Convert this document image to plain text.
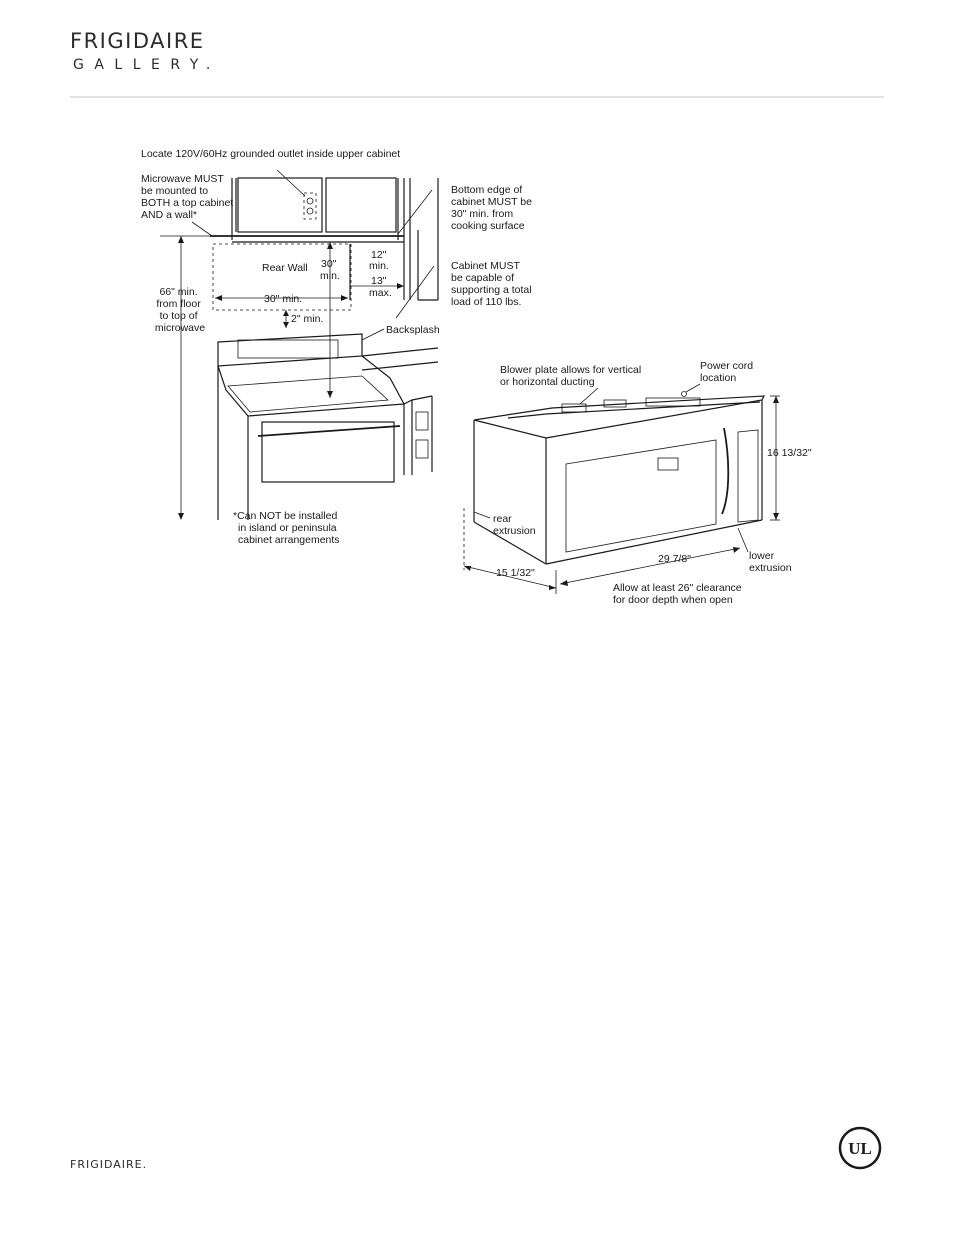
FRIGIDAIRE
GALLERY.
Locate 120V/60Hz grounded outlet inside upper cabinet
Microwave MUST be mounted to BOTH a top cabinet AND a wall*
Bottom edge of cabinet MUST be 30" min. from cooking surface
Cabinet MUST be capable of supporting a total load of 110 lbs.
Rear Wall 30" min.
12" min.
13" max.
66" min. from floor to top of microwave
30" min.
2" min.
Backsplash
*Can NOT be installed in island or peninsula cabinet arrangements
Blower plate allows for vertical or horizontal ducting
Power cord location
16 13/32"
rear extrusion
29 7/8"	lower extrusion
15 1/32"
Allow at least 26" clearance for door depth when open
FRIGIDAIRE.
UL
